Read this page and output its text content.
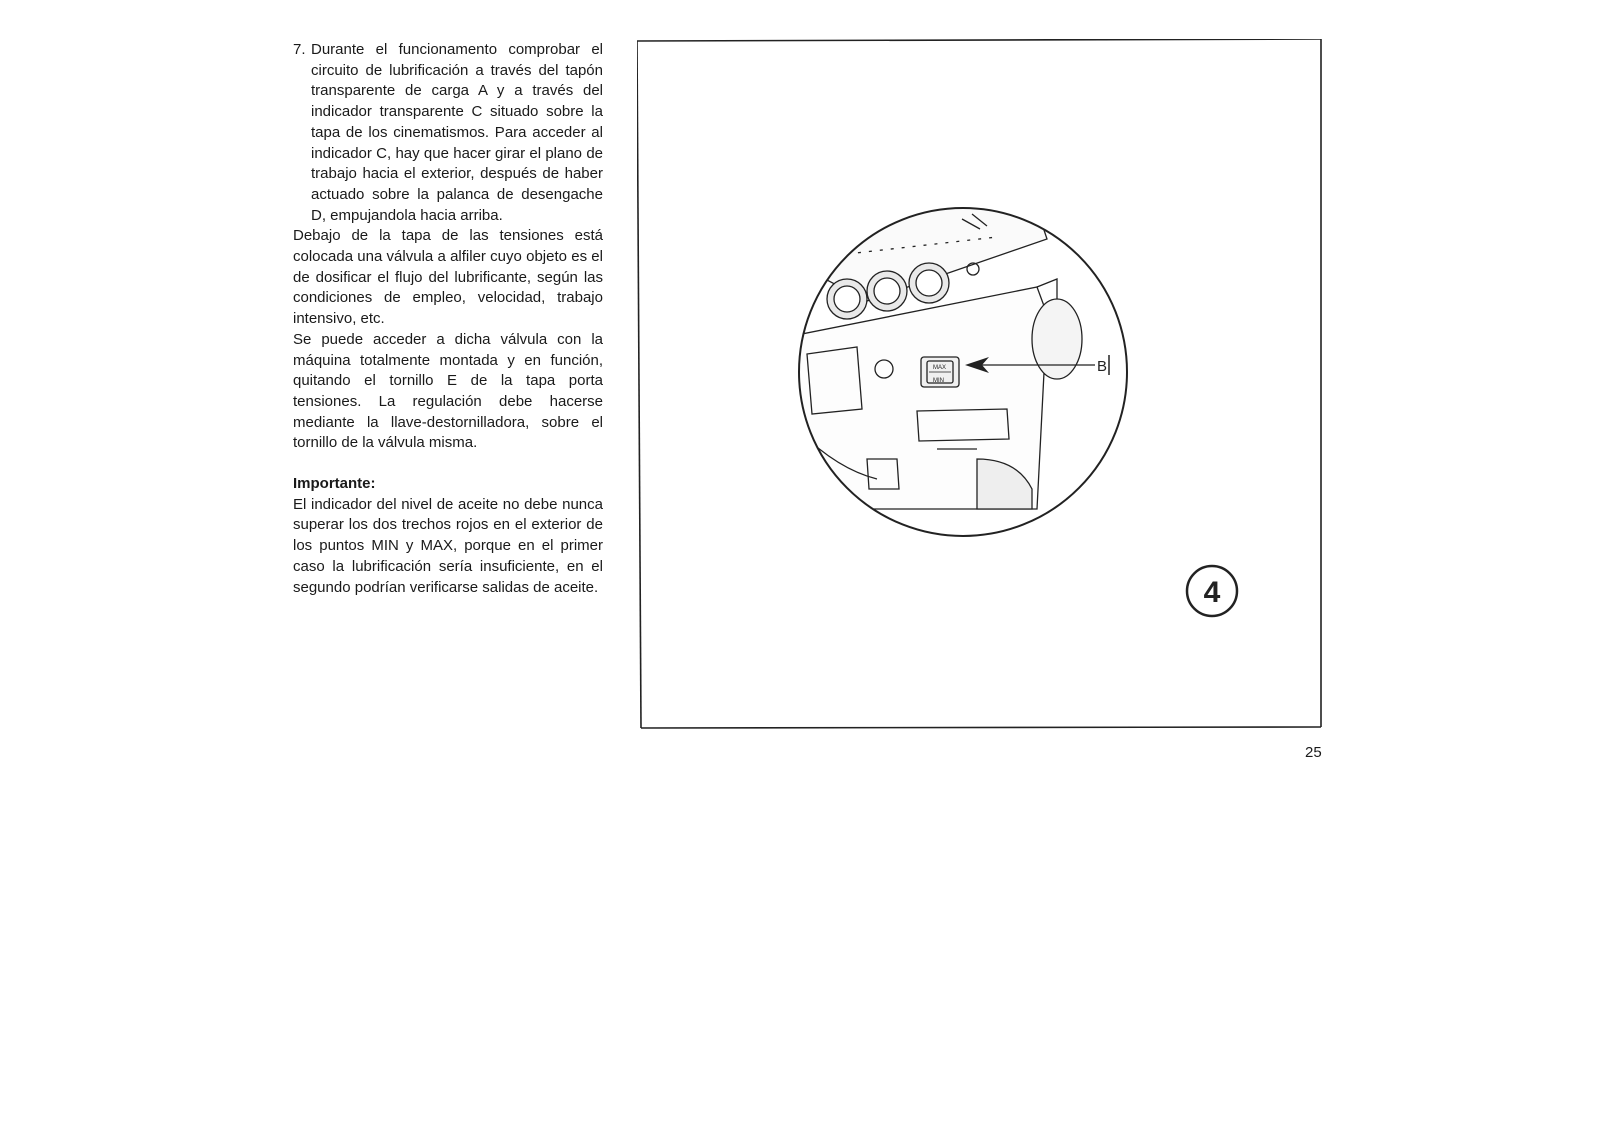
7. Durante el funcionamento comprobar el circuito de lubrificación a través del tapón transparente de carga A y a través del indicador transparente C situado sobre la tapa de los cinematismos. Para acceder al indicador C, hay que hacer girar el plano de trabajo hacia el exterior, después de haber actuado sobre la palanca de desengache D, empujandola hacia arriba.

Debajo de la tapa de las tensiones está colocada una válvula a alfiler cuyo objeto es el de dosificar el flujo del lubrificante, según las condiciones de empleo, velocidad, trabajo intensivo, etc.

Se puede acceder a dicha válvula con la máquina totalmente montada y en función, quitando el tornillo E de la tapa porta tensiones. La regulación debe hacerse mediante la llave-destornilladora, sobre el tornillo de la válvula misma.

Importante:

El indicador del nivel de aceite no debe nunca superar los dos trechos rojos en el exterior de los puntos MIN y MAX, porque en el primer caso la lubrificación sería insuficiente, en el segundo podrían verificarse salidas de aceite.

MAX
MIN
B
4
25
